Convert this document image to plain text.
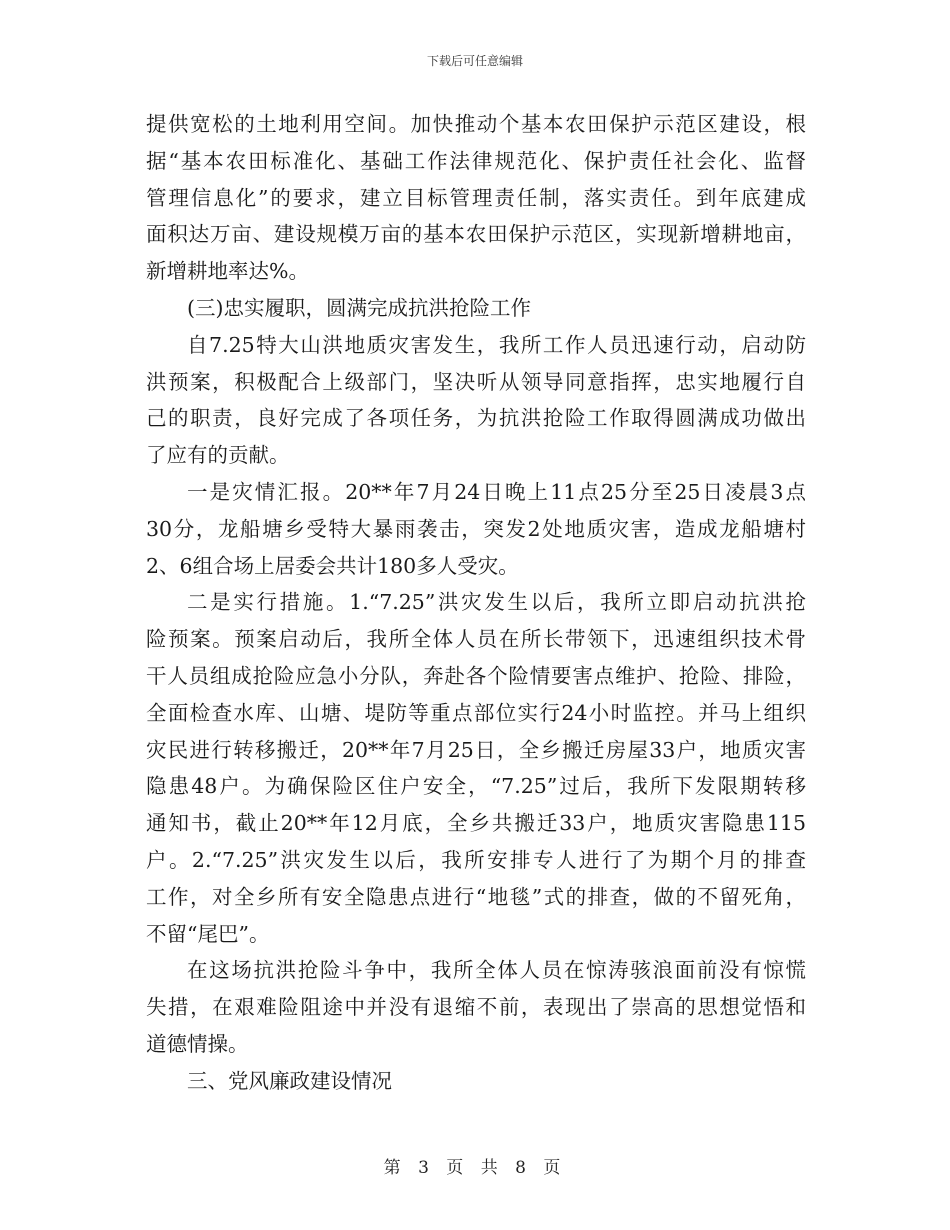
下载后可任意编辑
提供宽松的土地利用空间。加快推动个基本农田保护示范区建设，根
据“基本农田标准化、基础工作法律规范化、保护责任社会化、监督
管理信息化”的要求，建立目标管理责任制，落实责任。到年底建成
面积达万亩、建设规模万亩的基本农田保护示范区，实现新增耕地亩，
新增耕地率达%。
(三)忠实履职，圆满完成抗洪抢险工作
自7.25特大山洪地质灾害发生，我所工作人员迅速行动，启动防
洪预案，积极配合上级部门，坚决听从领导同意指挥，忠实地履行自
己的职责，良好完成了各项任务，为抗洪抢险工作取得圆满成功做出
了应有的贡献。
一是灾情汇报。20**年7月24日晚上11点25分至25日凌晨3点
30分，龙船塘乡受特大暴雨袭击，突发2处地质灾害，造成龙船塘村
2、6组合场上居委会共计180多人受灾。
二是实行措施。1.“7.25”洪灾发生以后，我所立即启动抗洪抢
险预案。预案启动后，我所全体人员在所长带领下，迅速组织技术骨
干人员组成抢险应急小分队，奔赴各个险情要害点维护、抢险、排险，
全面检查水库、山塘、堤防等重点部位实行24小时监控。并马上组织
灾民进行转移搬迁，20**年7月25日，全乡搬迁房屋33户，地质灾害
隐患48户。为确保险区住户安全，“7.25”过后，我所下发限期转移
通知书，截止20**年12月底，全乡共搬迁33户，地质灾害隐患115
户。2.“7.25”洪灾发生以后，我所安排专人进行了为期个月的排查
工作，对全乡所有安全隐患点进行“地毯”式的排查，做的不留死角，
不留“尾巴”。
在这场抗洪抢险斗争中，我所全体人员在惊涛骇浪面前没有惊慌
失措，在艰难险阻途中并没有退缩不前，表现出了崇高的思想觉悟和
道德情操。
三、党风廉政建设情况
第 3 页 共 8 页
